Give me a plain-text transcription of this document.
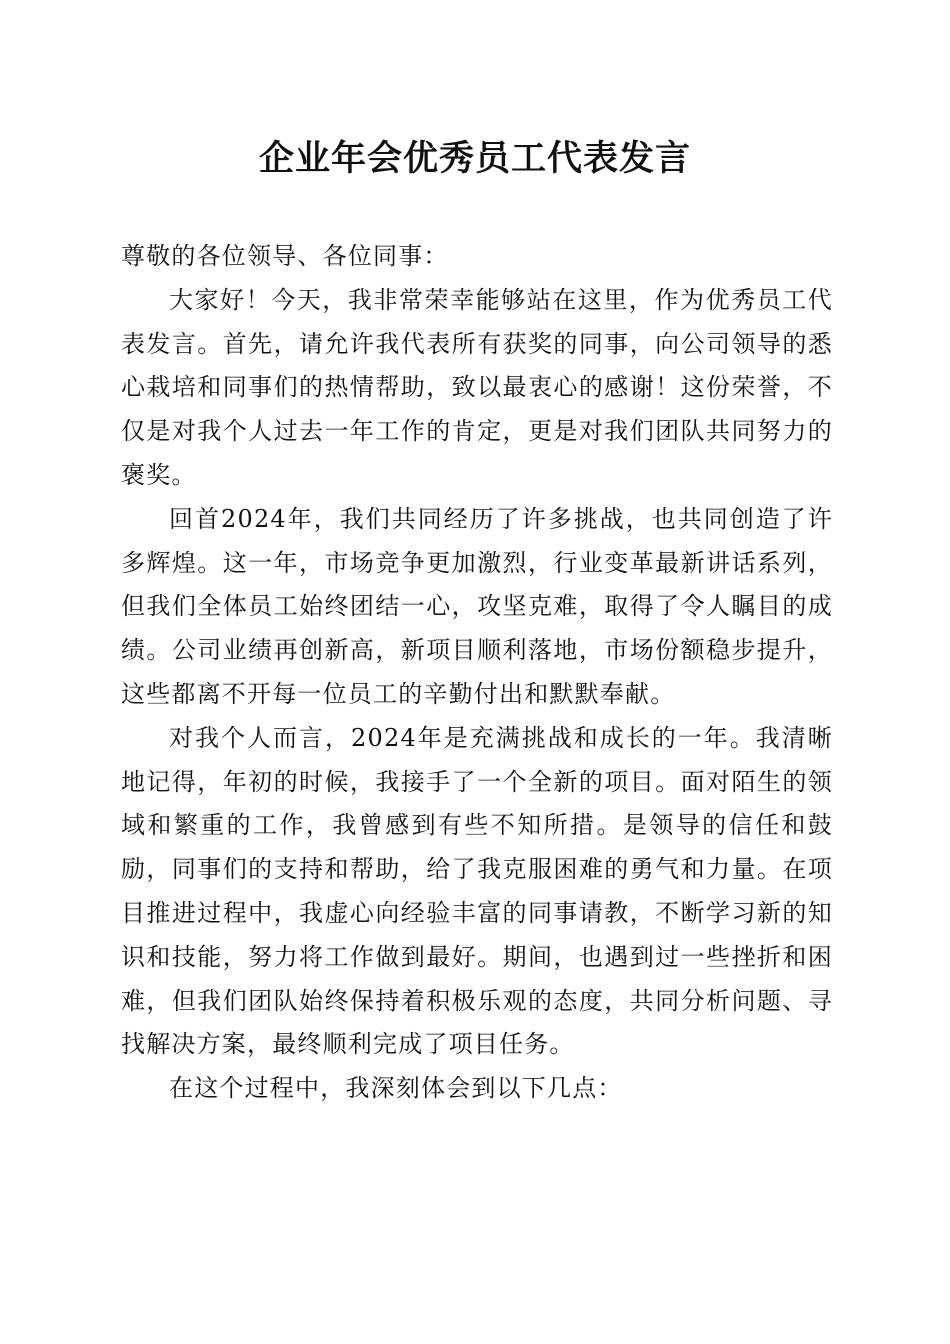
企业年会优秀员工代表发言

尊敬的各位领导、各位同事：

大家好！今天，我非常荣幸能够站在这里，作为优秀员工代表发言。首先，请允许我代表所有获奖的同事，向公司领导的悉心栽培和同事们的热情帮助，致以最衷心的感谢！这份荣誉，不仅是对我个人过去一年工作的肯定，更是对我们团队共同努力的褒奖。

回首2024年，我们共同经历了许多挑战，也共同创造了许多辉煌。这一年，市场竞争更加激烈，行业变革最新讲话系列，但我们全体员工始终团结一心，攻坚克难，取得了令人瞩目的成绩。公司业绩再创新高，新项目顺利落地，市场份额稳步提升，这些都离不开每一位员工的辛勤付出和默默奉献。

对我个人而言，2024年是充满挑战和成长的一年。我清晰地记得，年初的时候，我接手了一个全新的项目。面对陌生的领域和繁重的工作，我曾感到有些不知所措。是领导的信任和鼓励，同事们的支持和帮助，给了我克服困难的勇气和力量。在项目推进过程中，我虚心向经验丰富的同事请教，不断学习新的知识和技能，努力将工作做到最好。期间，也遇到过一些挫折和困难，但我们团队始终保持着积极乐观的态度，共同分析问题、寻找解决方案，最终顺利完成了项目任务。

在这个过程中，我深刻体会到以下几点：
